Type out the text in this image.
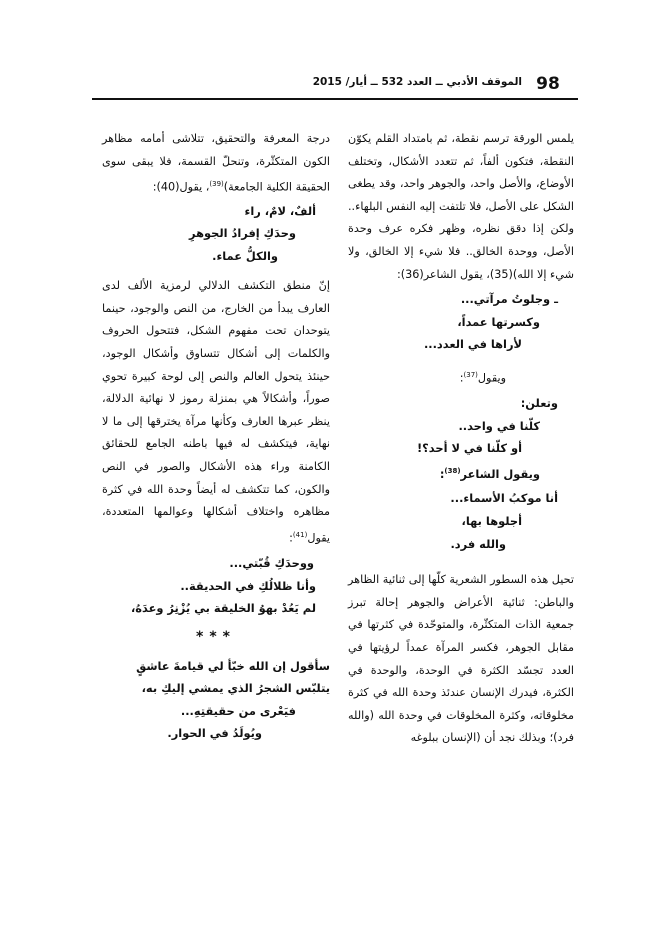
98
الموقف الأدبي ــ العدد 532 ــ أيار/ 2015

يلمس الورقة ترسم نقطة، ثم بامتداد القلم يكوّن النقطة، فتكون ألفاً، ثم تتعدد الأشكال، وتختلف الأوضاع، والأصل واحد، والجوهر واحد، وقد يطغى الشكل على الأصل، فلا تلتفت إليه النفس البلهاء.. ولكن إذا دقق نظره، وظهر فكره عرف وحدة الأصل، ووحدة الخالق.. فلا شيء إلا الخالق، ولا شيء إلا الله)(35)، يقول الشاعر(36):

ـ وجلوتُ مرآتي...

وكسرتها عمداً،

لأراها في العدد...

ويقول$^{(37)}$:

وتعلن:

كلّنا في واحد..

أو كلّنا في لا أحد؟!

ويقول الشاعر$^{(38)}$:

أنا موكبُ الأسماء...

أجلوها بها،

والله فرد.

تحيل هذه السطور الشعرية كلّها إلى ثنائية الظاهر والباطن: ثنائية الأعراض والجوهر إحالة تبرز جمعية الذات المتكثّرة، والمتوحّدة في كثرتها في مقابل الجوهر، فكسر المرآة عمداً لرؤيتها في العدد تجسّد الكثرة في الوحدة، والوحدة في الكثرة، فيدرك الإنسان عندئذ وحدة الله في كثرة مخلوقاته، وكثرة المخلوقات في وحدة الله (والله فرد)؛ وبذلك نجد أن (الإنسان ببلوغه

درجة المعرفة والتحقيق، تتلاشى أمامه مظاهر الكون المتكثّرة، وتنحلّ القسمة، فلا يبقى سوى الحقيقة الكلية الجامعة)$^{(39)}$، يقول(40):

ألفٌ، لامٌ، راء

وحدَكِ إفرادُ الجوهرِ

والكلُّ عماء.

إنّ منطق التكشف الدلالي لرمزية الألف لدى العارف يبدأ من الخارج، من النص والوجود، حينما يتوحدان تحت مفهوم الشكل، فتتحول الحروف والكلمات إلى أشكال تتساوق وأشكال الوجود، حينئذ يتحول العالم والنص إلى لوحة كبيرة تحوي صوراً، وأشكالاً هي بمنزلة رموز لا نهائية الدلالة، ينظر عبرها العارف وكأنها مرآة يخترقها إلى ما لا نهاية، فيتكشف له فيها باطنه الجامع للحقائق الكامنة وراء هذه الأشكال والصور في النص والكون، كما تتكشف له أيضاً وحدة الله في كثرة مظاهره واختلاف أشكالها وعوالمها المتعددة، يقول$^{(41)}$:

ووحدَكِ قُبّتي...

وأنا ظلالُكِ في الحديقة..

لم يَعُدْ بهوُ الخليقة بي يُزْنِرُ وعدَهُ،

***

سأقول إن الله خبّأ لي قيامةَ عاشقٍ

يتلبّس الشجرُ الذي يمشي إليكِ به،

فيَعْرى من حقيقتِهِ...

ويُولَدُ في الحوار.
